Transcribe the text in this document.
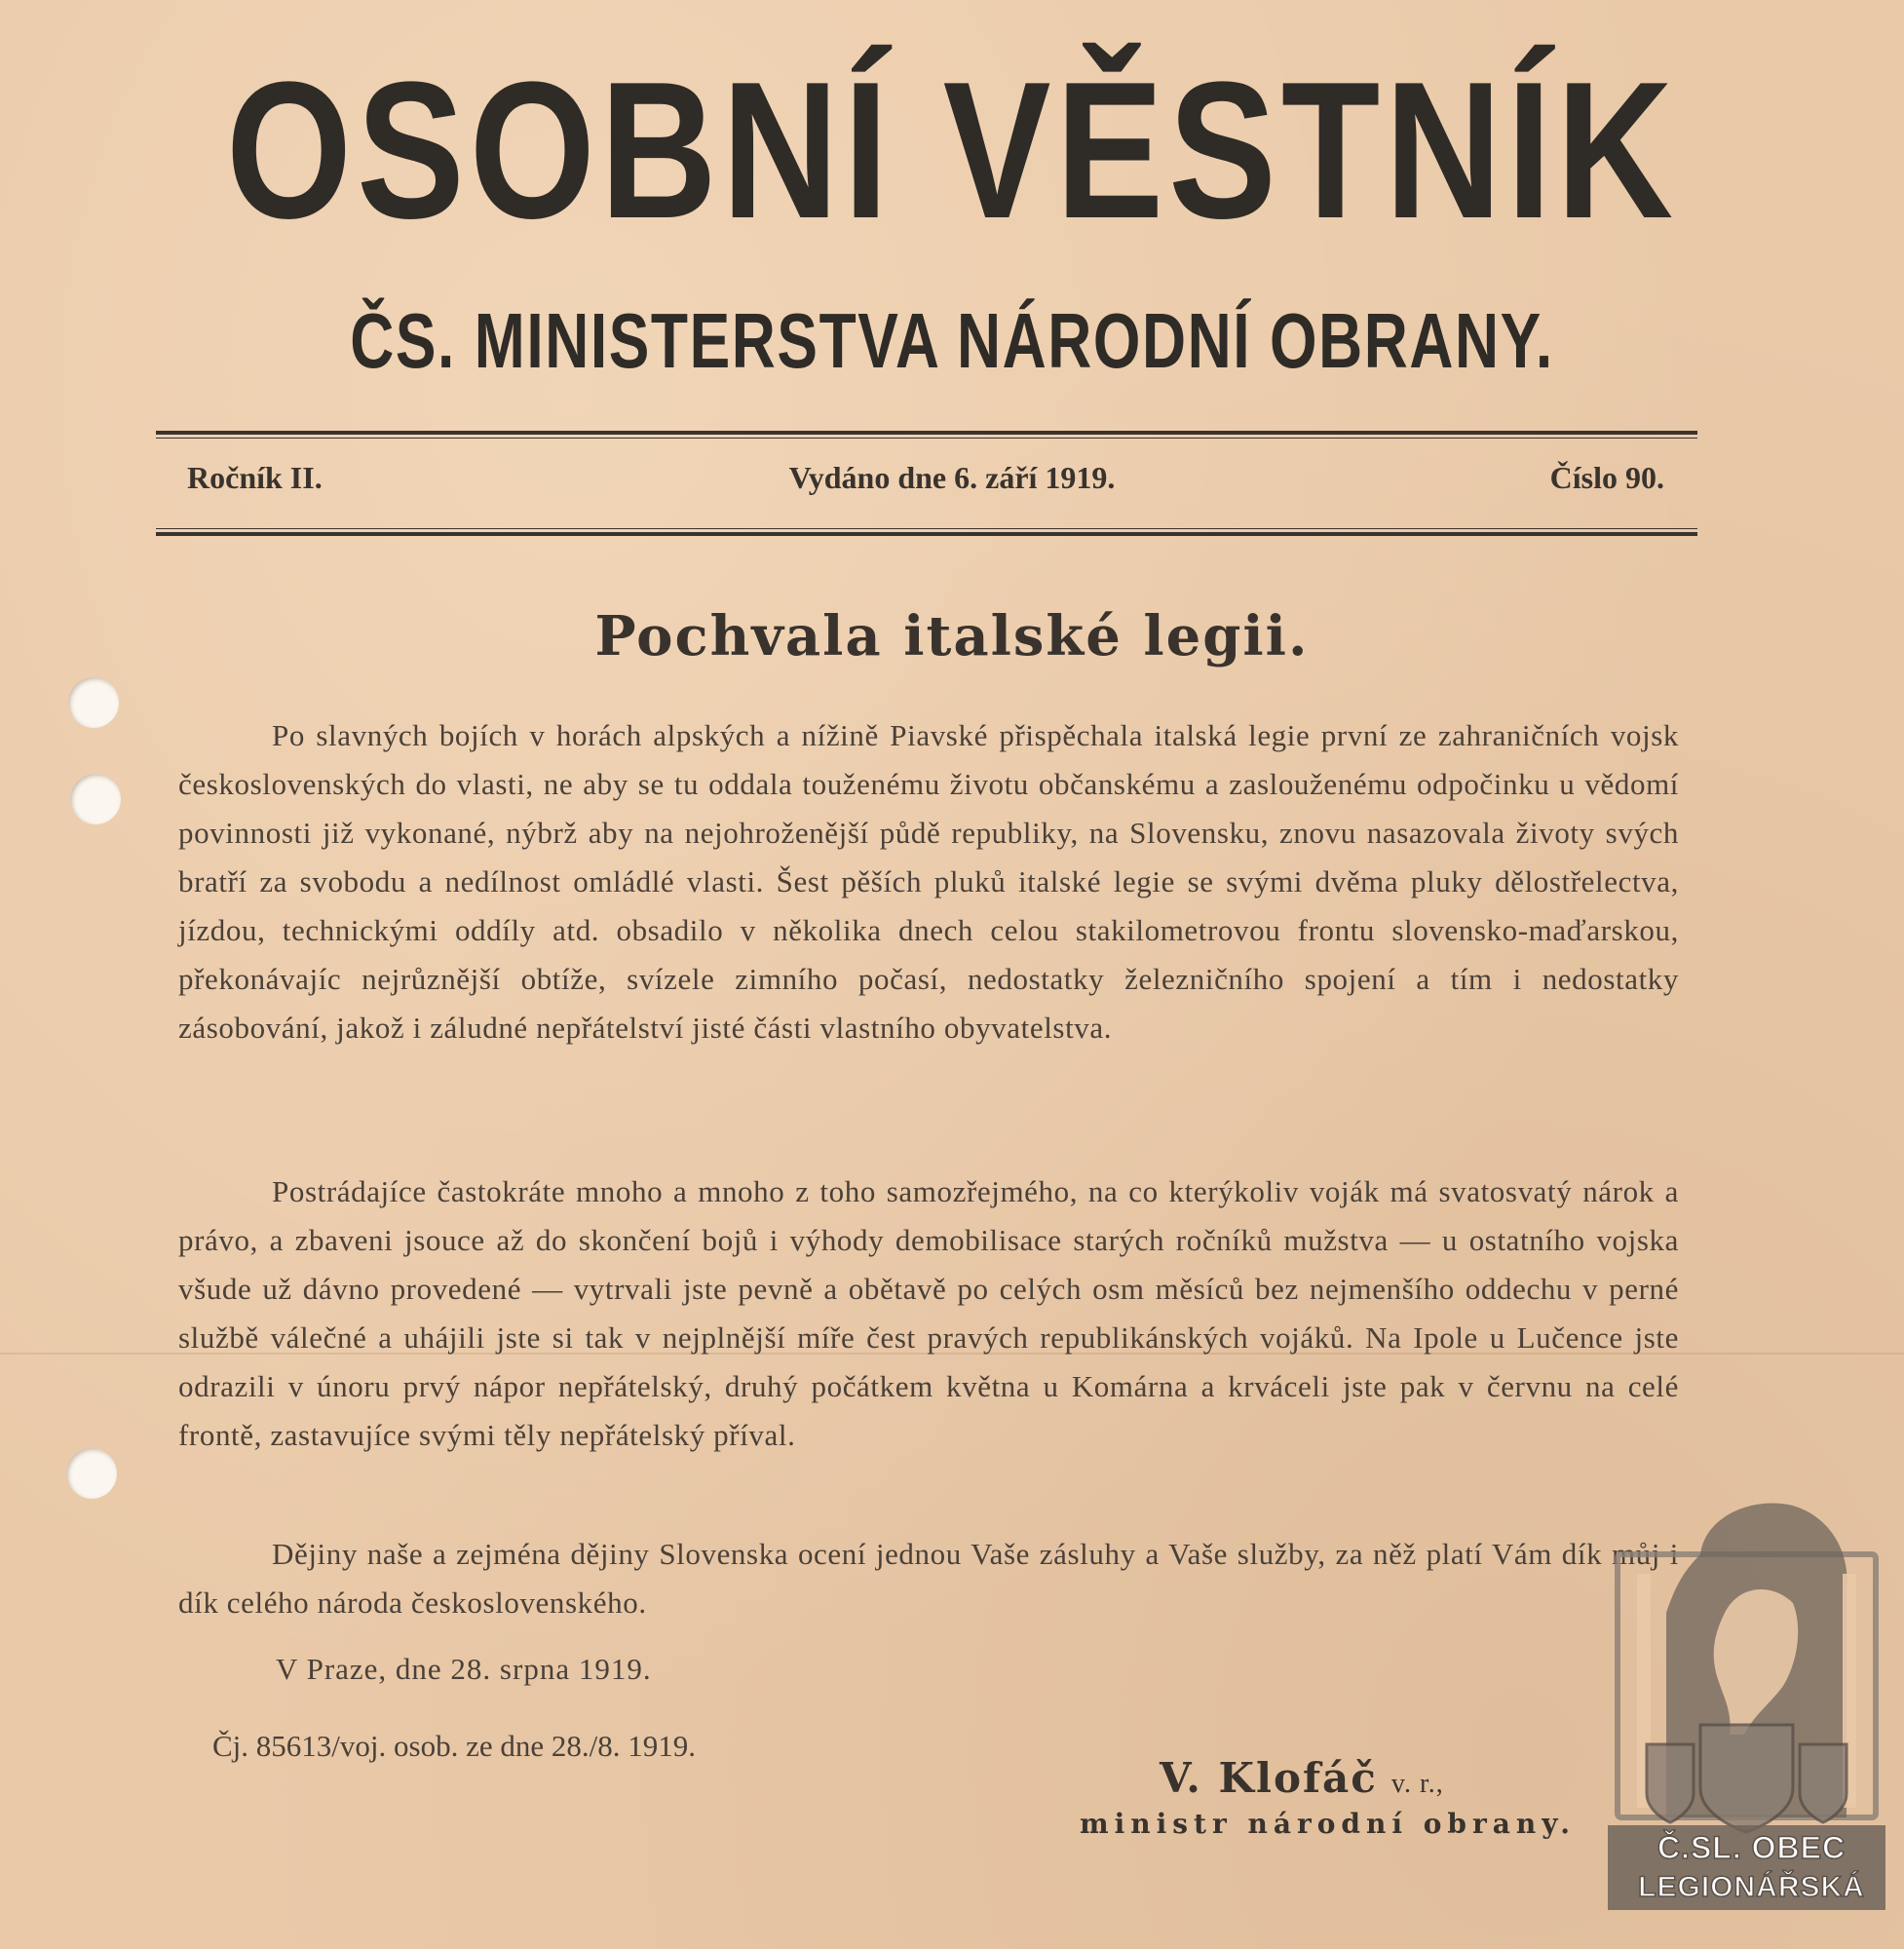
OSOBNÍ VĚSTNÍK
ČS. MINISTERSTVA NÁRODNÍ OBRANY.
Ročník II.	Vydáno dne 6. září 1919.	Číslo 90.
Pochvala italské legii.

Po slavných bojích v horách alpských a nížině Piavské přispěchala italská legie první ze zahraničních vojsk československých do vlasti, ne aby se tu oddala touženému životu občanskému a zaslouženému odpočinku u vědomí povinnosti již vykonané, nýbrž aby na nejohroženější půdě republiky, na Slovensku, znovu nasazovala životy svých bratří za svobodu a nedílnost omládlé vlasti. Šest pěších pluků italské legie se svými dvěma pluky dělostřelectva, jízdou, technickými oddíly atd. obsadilo v několika dnech celou stakilometrovou frontu slovensko-maďarskou, překonávajíc nejrůznější obtíže, svízele zimního počasí, nedostatky železničního spojení a tím i nedostatky zásobování, jakož i záludné nepřátelství jisté části vlastního obyvatelstva.

Postrádajíce častokráte mnoho a mnoho z toho samozřejmého, na co kterýkoliv voják má svatosvatý nárok a právo, a zbaveni jsouce až do skončení bojů i výhody demobilisace starých ročníků mužstva — u ostatního vojska všude už dávno provedené — vytrvali jste pevně a obětavě po celých osm měsíců bez nejmenšího oddechu v perné službě válečné a uhájili jste si tak v nejplnější míře čest pravých republikánských vojáků. Na Ipole u Lučence jste odrazili v únoru prvý nápor nepřátelský, druhý počátkem května u Komárna a krváceli jste pak v červnu na celé frontě, zastavujíce svými těly nepřátelský příval.

Dějiny naše a zejména dějiny Slovenska ocení jednou Vaše zásluhy a Vaše služby, za něž platí Vám dík můj i dík celého národa československého.

V Praze, dne 28. srpna 1919.
Čj. 85613/voj. osob. ze dne 28./8. 1919.
V. Klofáč v. r.,
ministr národní obrany.
Č.SL. OBEC
LEGIONÁŘSKÁ
